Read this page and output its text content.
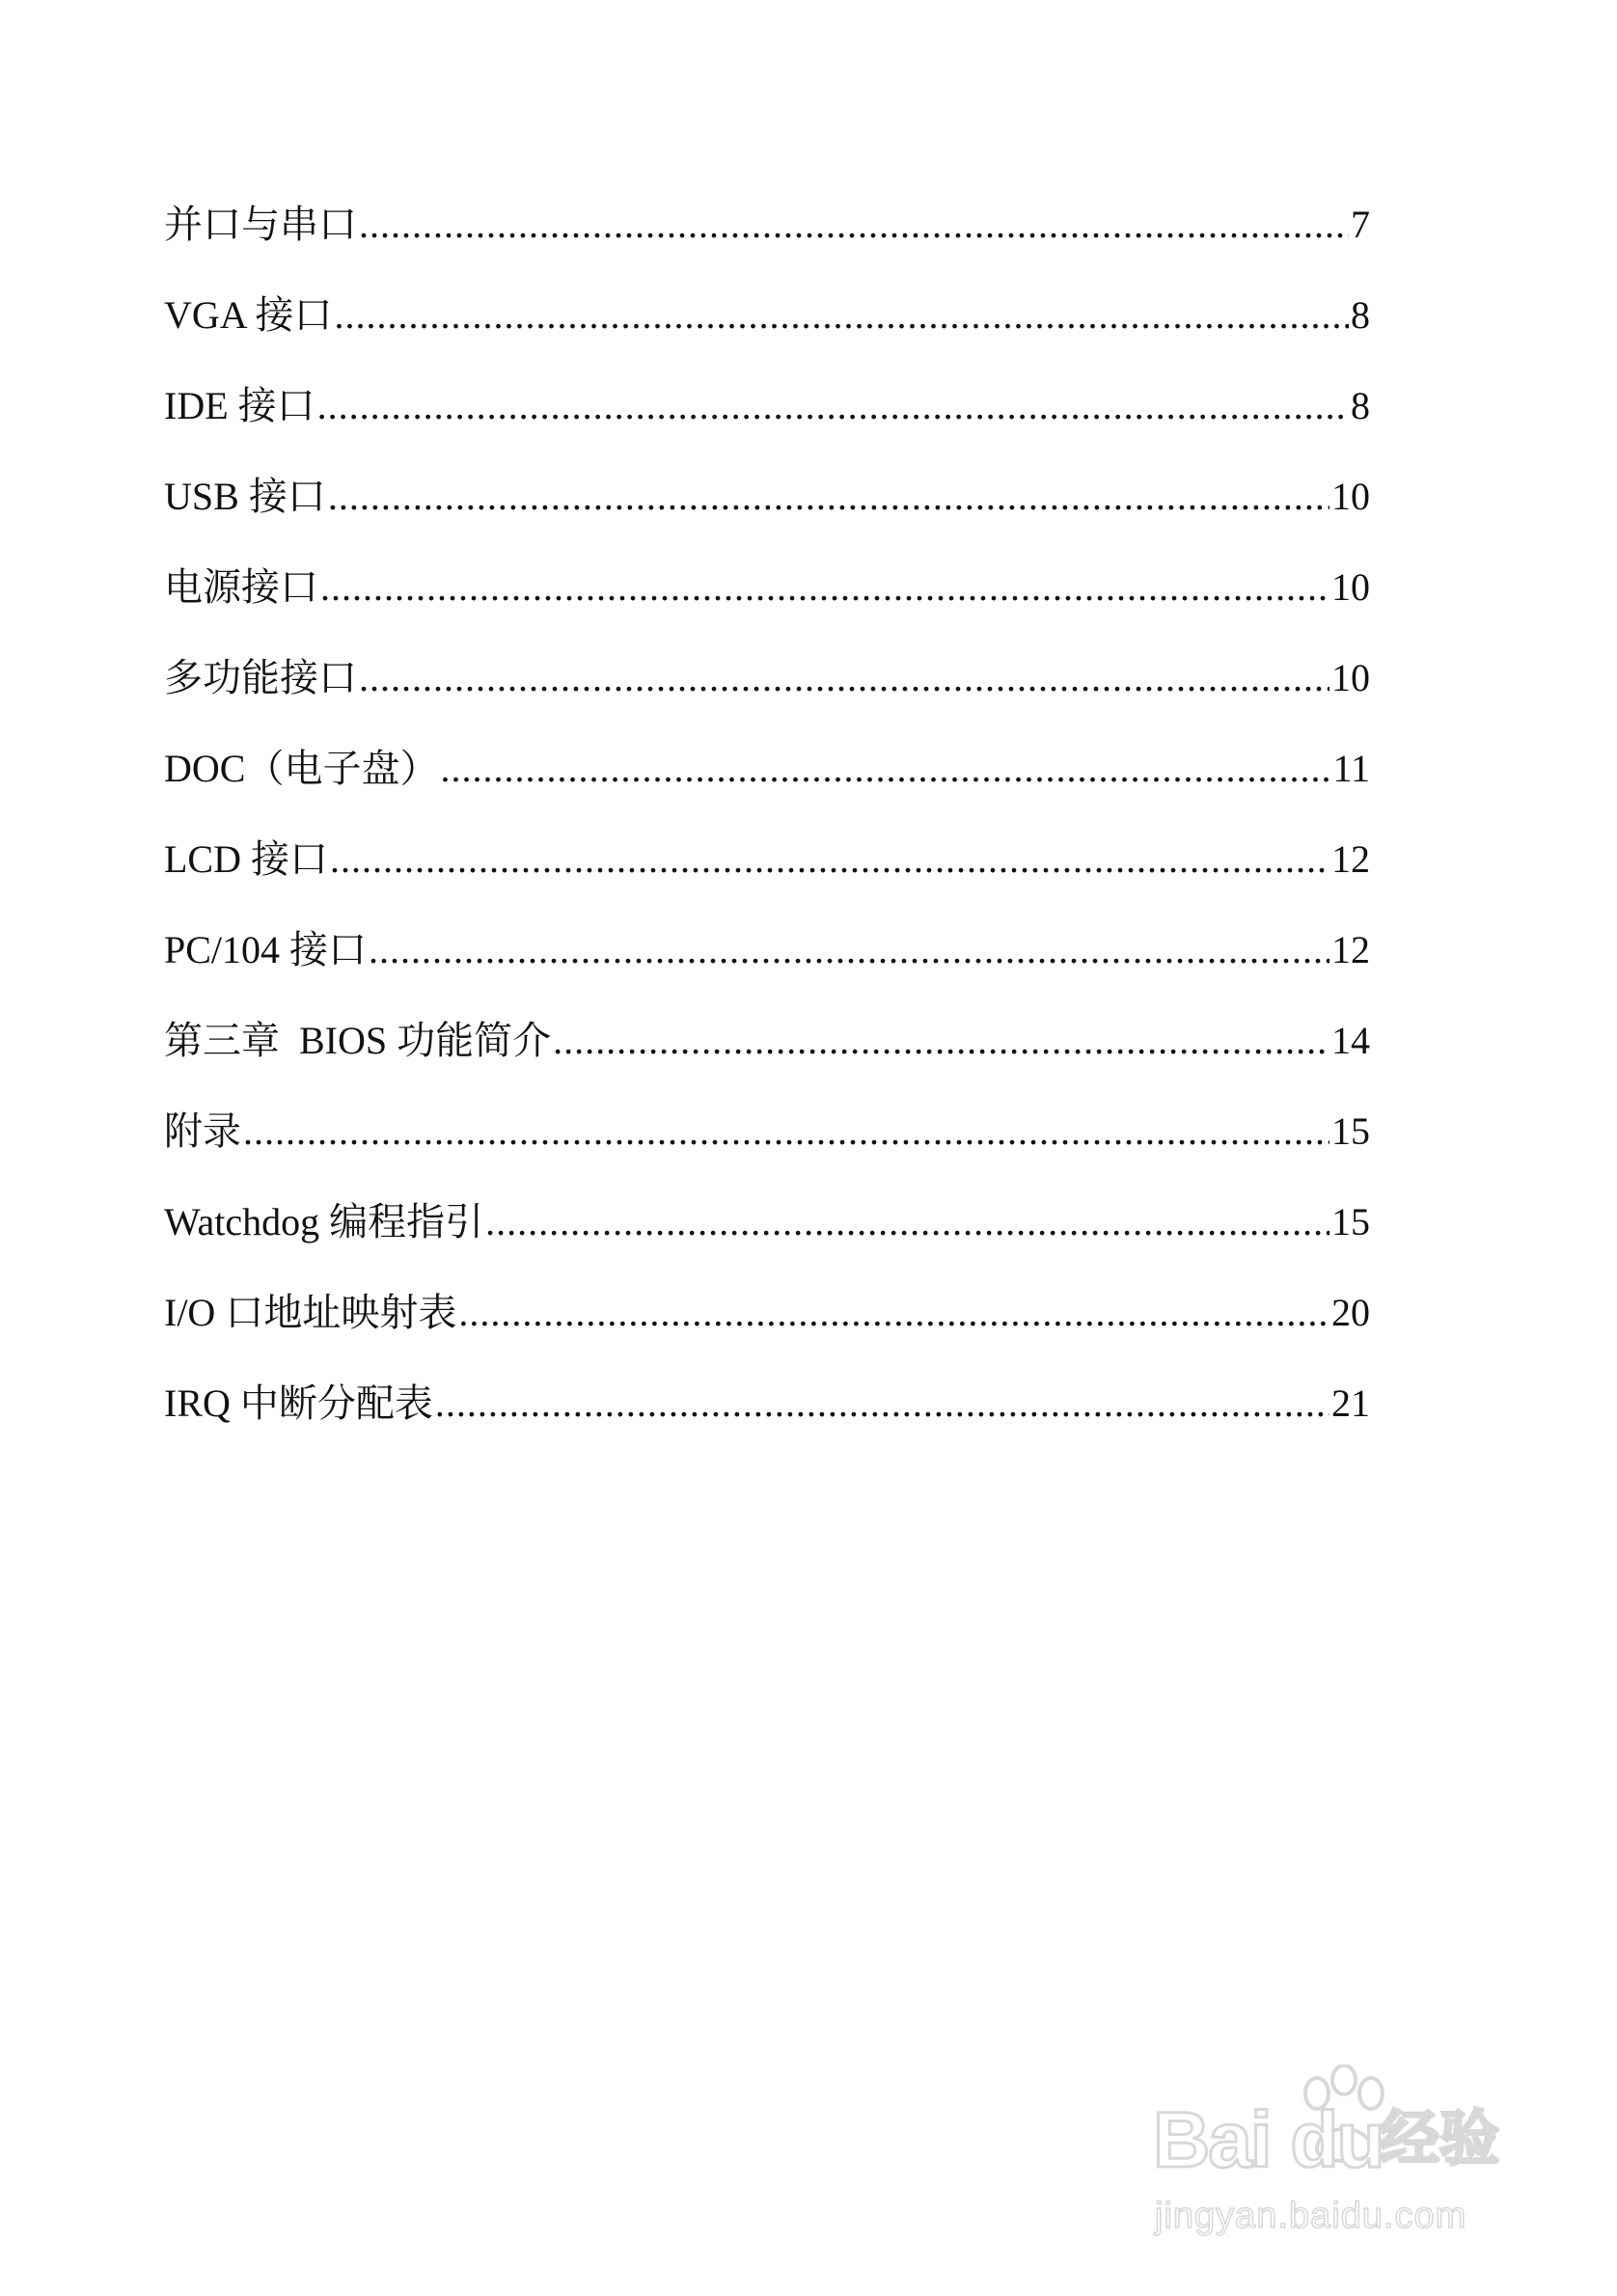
并口与串口 .....	7
VGA 接口 .....	8
IDE 接口 .....	8
USB 接口 .....	10
电源接口 .....	10
多功能接口 .....	10
DOC（电子盘） .....	11
LCD 接口 .....	12
PC/104 接口 .....	12
第三章  BIOS 功能简介 .....	14
附录 .....	15
Watchdog 编程指引 .....	15
I/O 口地址映射表 .....	20
IRQ 中断分配表 .....	21
Bai du
经验
jingyan.baidu.com
